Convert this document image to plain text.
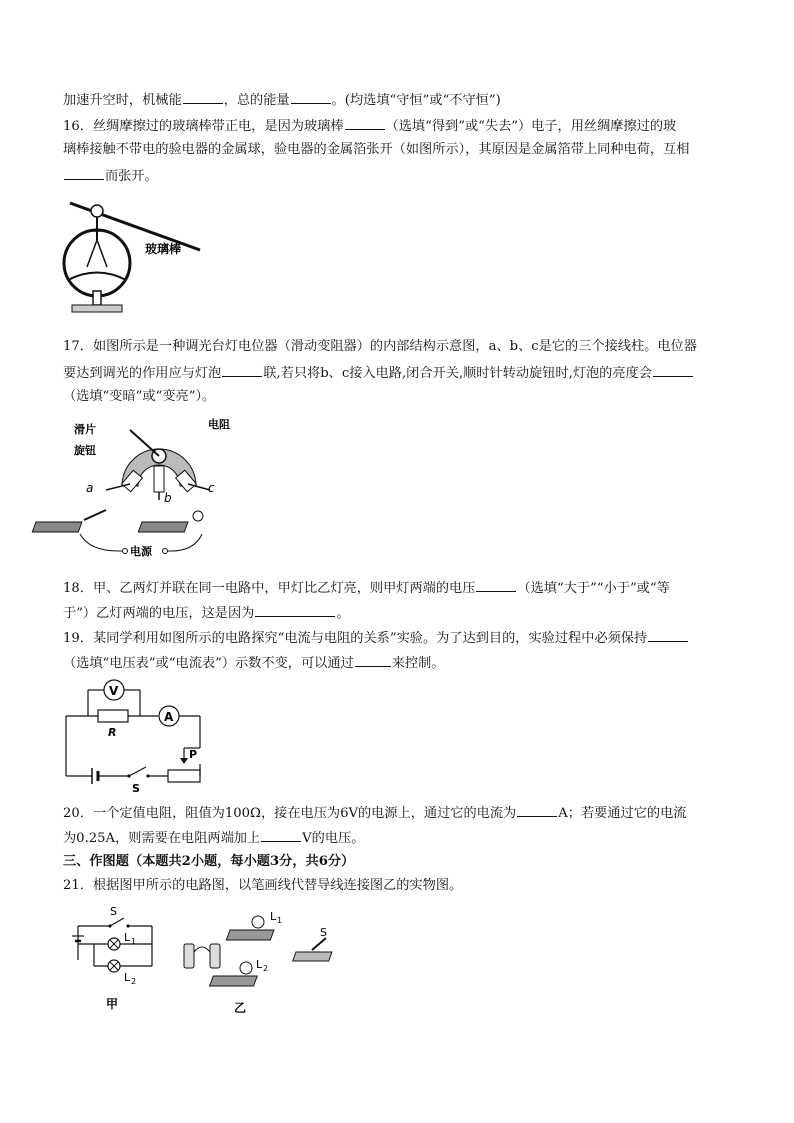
加速升空时，机械能	，总的能量	。(均选填“守恒”或“不守恒”)
16．丝绸摩擦过的玻璃棒带正电，是因为玻璃棒	（选填“得到”或“失去”）电子，用丝绸摩擦过的玻
璃棒接触不带电的验电器的金属球，验电器的金属箔张开（如图所示），其原因是金属箔带上同种电荷，互相
而张开。
玻璃棒
17．如图所示是一种调光台灯电位器（滑动变阻器）的内部结构示意图，a、b、c是它的三个接线柱。电位器
要达到调光的作用应与灯泡	联,若只将b、c接入电路,闭合开关,顺时针转动旋钮时,灯泡的亮度会
（选填“变暗”或“变亮”）。
滑片
旋钮
电阻
a
b
c
电源
18．甲、乙两灯并联在同一电路中，甲灯比乙灯亮，则甲灯两端的电压	（选填“大于”“小于”或“等
于”）乙灯两端的电压，这是因为	。
19．某同学利用如图所示的电路探究“电流与电阻的关系”实验。为了达到目的，实验过程中必须保持
（选填“电压表”或“电流表”）示数不变，可以通过	来控制。
A
P
V
R
S
20．一个定值电阻，阻值为100Ω，接在电压为6V的电源上，通过它的电流为	A；若要通过它的电流
为0.25A，则需要在电阻两端加上	V的电压。
三、作图题（本题共2小题，每小题3分，共6分）
21．根据图甲所示的电路图，以笔画线代替导线连接图乙的实物图。
S
L 1
L 2
甲
L 1
L 2
S
乙
